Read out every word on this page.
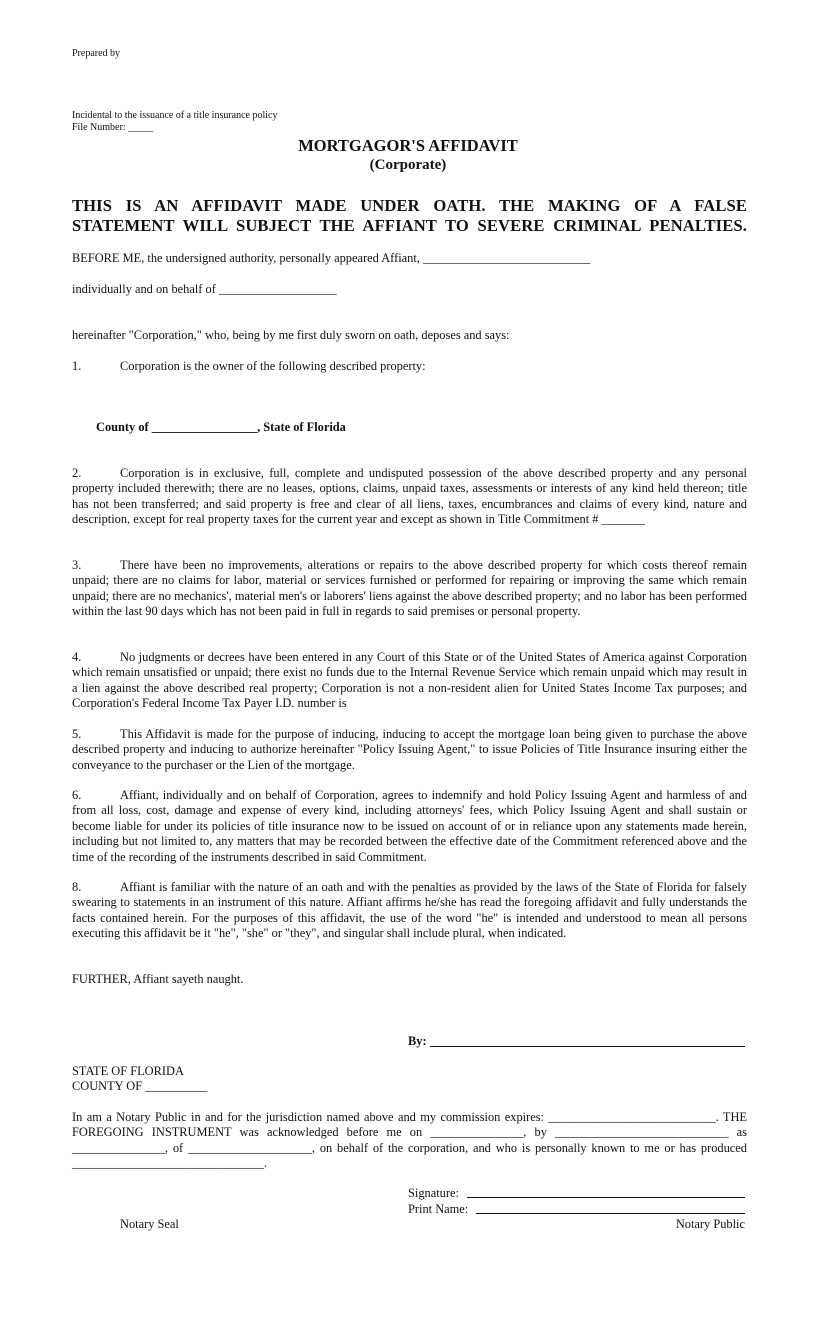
Prepared by
Incidental to the issuance of a title insurance policy
File Number: _____
MORTGAGOR'S AFFIDAVIT
(Corporate)
THIS IS AN AFFIDAVIT MADE UNDER OATH. THE MAKING OF A FALSE
STATEMENT WILL SUBJECT THE AFFIANT TO SEVERE CRIMINAL PENALTIES.
BEFORE ME, the undersigned authority, personally appeared Affiant, ___________________________
individually and on behalf of ___________________
hereinafter "Corporation," who, being by me first duly sworn on oath, deposes and says:
1.	Corporation is the owner of the following described property:
County of _________________, State of Florida
2.	Corporation is in exclusive, full, complete and undisputed possession of the above described property and any personal property included therewith; there are no leases, options, claims, unpaid taxes, assessments or interests of any kind held thereon; title has not been transferred; and said property is free and clear of all liens, taxes, encumbrances and claims of every kind, nature and description, except for real property taxes for the current year and except as shown in Title Commitment # _______
3.	There have been no improvements, alterations or repairs to the above described property for which costs thereof remain unpaid; there are no claims for labor, material or services furnished or performed for repairing or improving the same which remain unpaid; there are no mechanics', material men's or laborers' liens against the above described property; and no labor has been performed within the last 90 days which has not been paid in full in regards to said premises or personal property.
4.	No judgments or decrees have been entered in any Court of this State or of the United States of America against Corporation which remain unsatisfied or unpaid; there exist no funds due to the Internal Revenue Service which remain unpaid which may result in a lien against the above described real property; Corporation is not a non-resident alien for United States Income Tax purposes; and Corporation's Federal Income Tax Payer I.D. number is
5.	This Affidavit is made for the purpose of inducing, inducing to accept the mortgage loan being given to purchase the above described property and inducing to authorize hereinafter "Policy Issuing Agent," to issue Policies of Title Insurance insuring either the conveyance to the purchaser or the Lien of the mortgage.
6.	Affiant, individually and on behalf of Corporation, agrees to indemnify and hold Policy Issuing Agent and harmless of and from all loss, cost, damage and expense of every kind, including attorneys' fees, which Policy Issuing Agent and shall sustain or become liable for under its policies of title insurance now to be issued on account of or in reliance upon any statements made herein, including but not limited to, any matters that may be recorded between the effective date of the Commitment referenced above and the time of the recording of the instruments described in said Commitment.
8.	Affiant is familiar with the nature of an oath and with the penalties as provided by the laws of the State of Florida for falsely swearing to statements in an instrument of this nature. Affiant affirms he/she has read the foregoing affidavit and fully understands the facts contained herein. For the purposes of this affidavit, the use of the word "he" is intended and understood to mean all persons executing this affidavit be it "he", "she" or "they", and singular shall include plural, when indicated.
FURTHER, Affiant sayeth naught.
By:
STATE OF FLORIDA
COUNTY OF __________
In am a Notary Public in and for the jurisdiction named above and my commission expires: ___________________________. THE FOREGOING INSTRUMENT was acknowledged before me on _______________, by ____________________________ as _______________, of ____________________, on behalf of the corporation, and who is personally known to me or has produced _______________________________.
Signature:
Print Name:
Notary Seal	Notary Public
